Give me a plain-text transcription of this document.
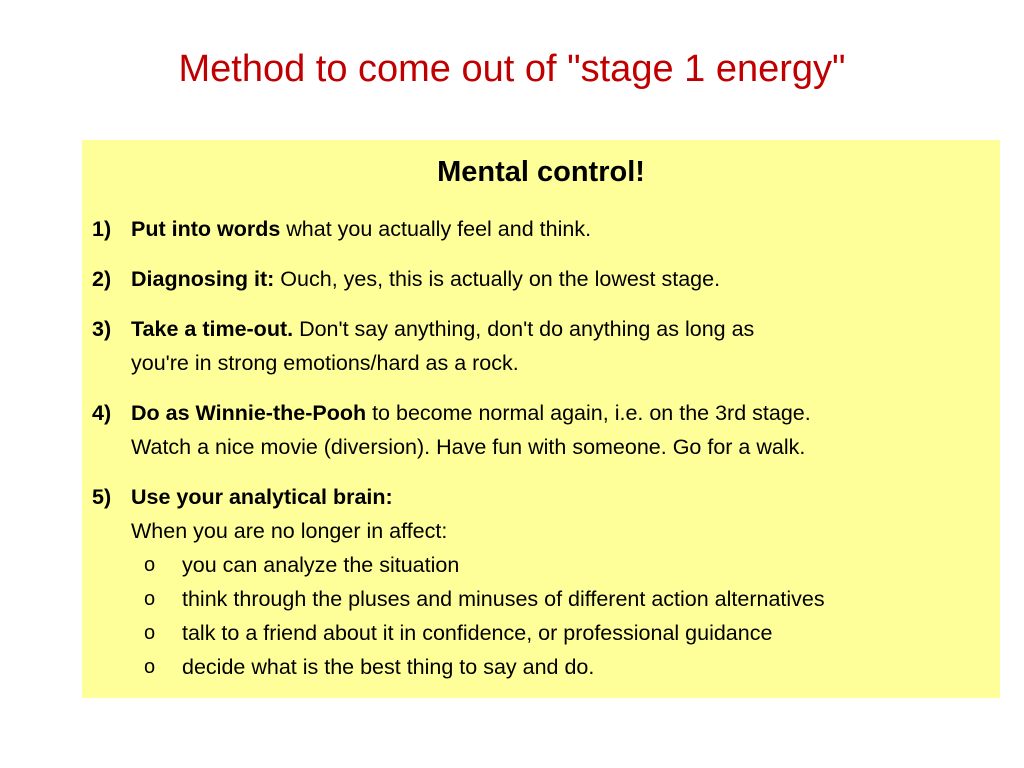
Method to come out of "stage 1 energy"
Mental control!
1) Put into words what you actually feel and think.
2) Diagnosing it: Ouch, yes, this is actually on the lowest stage.
3) Take a time-out. Don't say anything, don't do anything as long as
you're in strong emotions/hard as a rock.
4) Do as Winnie-the-Pooh to become normal again, i.e. on the 3rd stage.
Watch a nice movie (diversion). Have fun with someone. Go for a walk.
5) Use your analytical brain:
When you are no longer in affect:
o you can analyze the situation
o think through the pluses and minuses of different action alternatives
o talk to a friend about it in confidence, or professional guidance
o decide what is the best thing to say and do.
